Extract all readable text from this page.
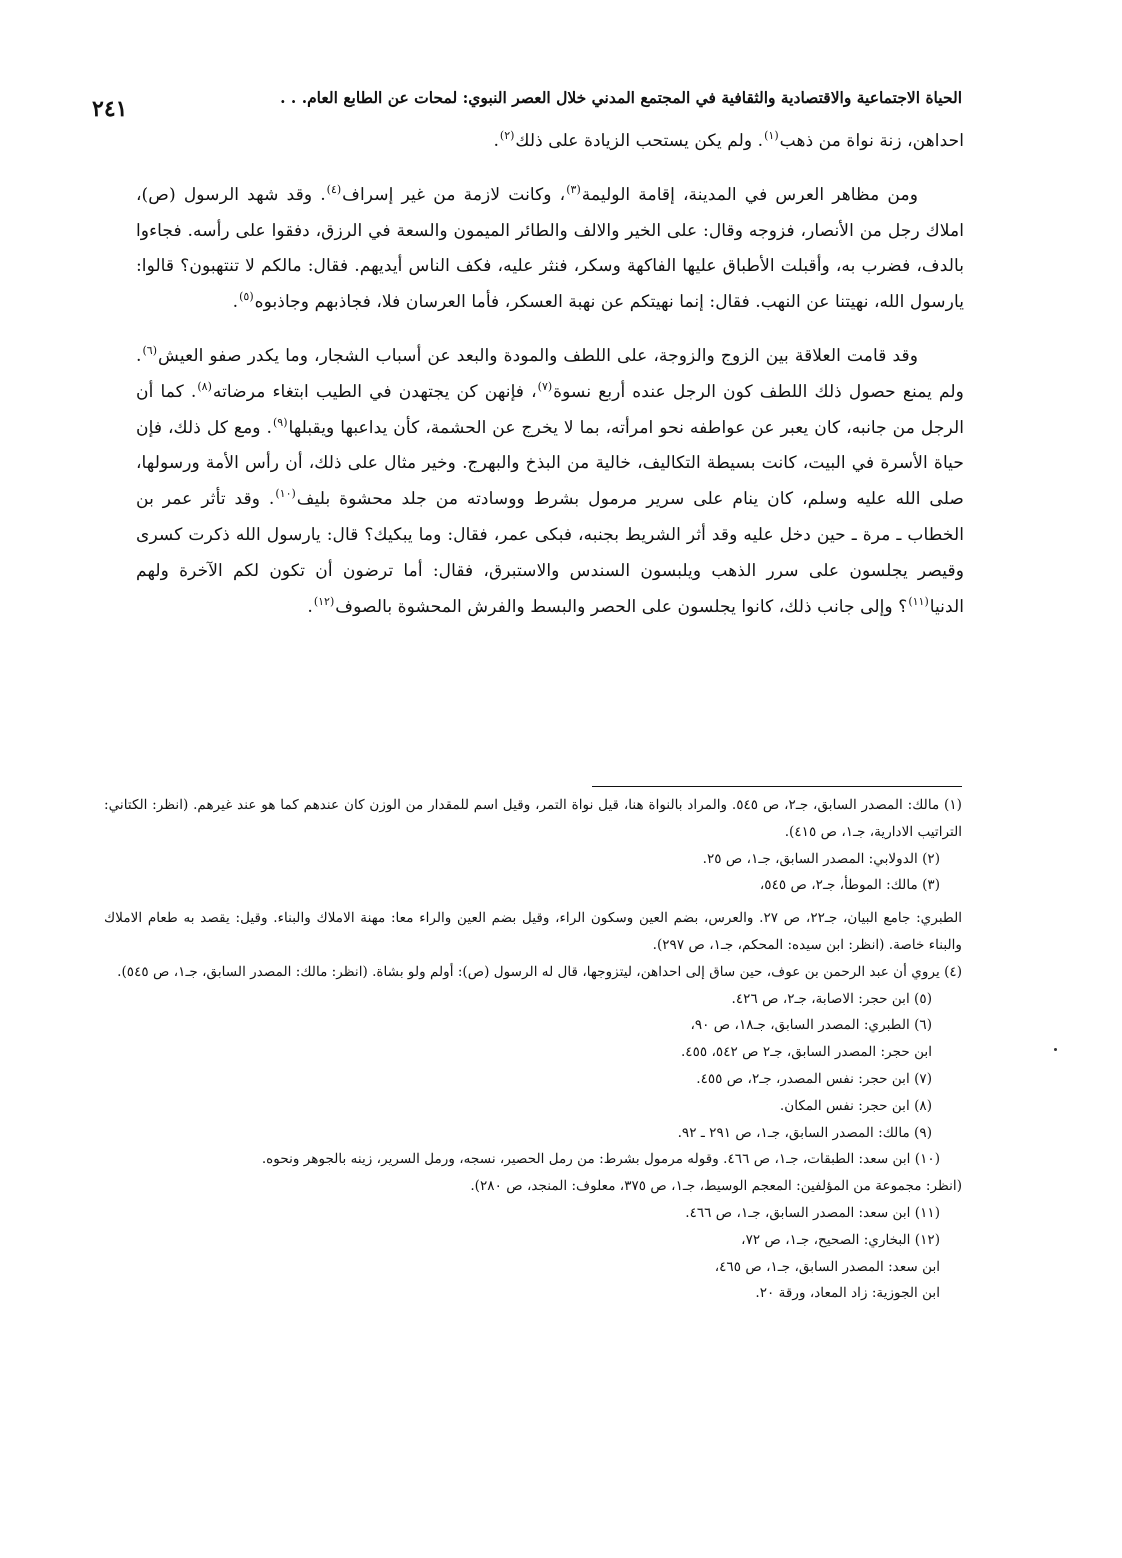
الحياة الاجتماعية والاقتصادية والثقافية في المجتمع المدني خلال العصر النبوي: لمحات عن الطابع العام. . .
٢٤١

احداهن، زنة نواة من ذهب$^{(١)}$. ولم يكن يستحب الزيادة على ذلك$^{(٢)}$.

ومن مظاهر العرس في المدينة، إقامة الوليمة$^{(٣)}$، وكانت لازمة من غير إسراف$^{(٤)}$. وقد شهد الرسول (ص)، املاك رجل من الأنصار، فزوجه وقال: على الخير والالف والطائر الميمون والسعة في الرزق، دفقوا على رأسه. فجاءوا بالدف، فضرب به، وأقبلت الأطباق عليها الفاكهة وسكر، فنثر عليه، فكف الناس أيديهم. فقال: مالكم لا تنتهبون؟ قالوا: يارسول الله، نهيتنا عن النهب. فقال: إنما نهيتكم عن نهبة العسكر، فأما العرسان فلا، فجاذبهم وجاذبوه$^{(٥)}$.

وقد قامت العلاقة بين الزوج والزوجة، على اللطف والمودة والبعد عن أسباب الشجار، وما يكدر صفو العيش$^{(٦)}$. ولم يمنع حصول ذلك اللطف كون الرجل عنده أربع نسوة$^{(٧)}$، فإنهن كن يجتهدن في الطيب ابتغاء مرضاته$^{(٨)}$. كما أن الرجل من جانبه، كان يعبر عن عواطفه نحو امرأته، بما لا يخرج عن الحشمة، كأن يداعبها ويقبلها$^{(٩)}$. ومع كل ذلك، فإن حياة الأسرة في البيت، كانت بسيطة التكاليف، خالية من البذخ والبهرج. وخير مثال على ذلك، أن رأس الأمة ورسولها، صلى الله عليه وسلم، كان ينام على سرير مرمول بشرط ووسادته من جلد محشوة بليف$^{(١٠)}$. وقد تأثر عمر بن الخطاب ـ مرة ـ حين دخل عليه وقد أثر الشريط بجنبه، فبكى عمر، فقال: وما يبكيك؟ قال: يارسول الله ذكرت كسرى وقيصر يجلسون على سرر الذهب ويلبسون السندس والاستبرق، فقال: أما ترضون أن تكون لكم الآخرة ولهم الدنيا$^{(١١)}$؟ وإلى جانب ذلك، كانوا يجلسون على الحصر والبسط والفرش المحشوة بالصوف$^{(١٢)}$.

(١) مالك: المصدر السابق، جـ٢، ص ٥٤٥. والمراد بالنواة هنا، قيل نواة التمر، وقيل اسم للمقدار من الوزن كان عندهم كما هو عند غيرهم. (انظر: الكتاني: التراتيب الادارية، جـ١، ص ٤١٥).

(٢) الدولابي: المصدر السابق، جـ١، ص ٢٥.

(٣) مالك: الموطأ، جـ٢، ص ٥٤٥،

الطبري: جامع البيان، جـ٢٢، ص ٢٧. والعرس، بضم العين وسكون الراء، وقيل بضم العين والراء معا: مهنة الاملاك والبناء. وقيل: يقصد به طعام الاملاك والبناء خاصة. (انظر: ابن سيده: المحكم، جـ١، ص ٢٩٧).

(٤) يروي أن عبد الرحمن بن عوف، حين ساق إلى احداهن، ليتزوجها، قال له الرسول (ص): أولم ولو بشاة. (انظر: مالك: المصدر السابق، جـ١، ص ٥٤٥).

(٥) ابن حجر: الاصابة، جـ٢، ص ٤٢٦.

(٦) الطبري: المصدر السابق، جـ١٨، ص ٩٠،

ابن حجر: المصدر السابق، جـ٢ ص ٥٤٢، ٤٥٥.

(٧) ابن حجر: نفس المصدر، جـ٢، ص ٤٥٥.

(٨) ابن حجر: نفس المكان.

(٩) مالك: المصدر السابق، جـ١، ص ٢٩١ ـ ٩٢.

(١٠) ابن سعد: الطبقات، جـ١، ص ٤٦٦. وقوله مرمول بشرط: من رمل الحصير، نسجه، ورمل السرير، زينه بالجوهر ونحوه.

(انظر: مجموعة من المؤلفين: المعجم الوسيط، جـ١، ص ٣٧٥، معلوف: المنجد، ص ٢٨٠).

(١١) ابن سعد: المصدر السابق، جـ١، ص ٤٦٦.

(١٢) البخاري: الصحيح، جـ١، ص ٧٢،

ابن سعد: المصدر السابق، جـ١، ص ٤٦٥،

ابن الجوزية: زاد المعاد، ورقة ٢٠.
